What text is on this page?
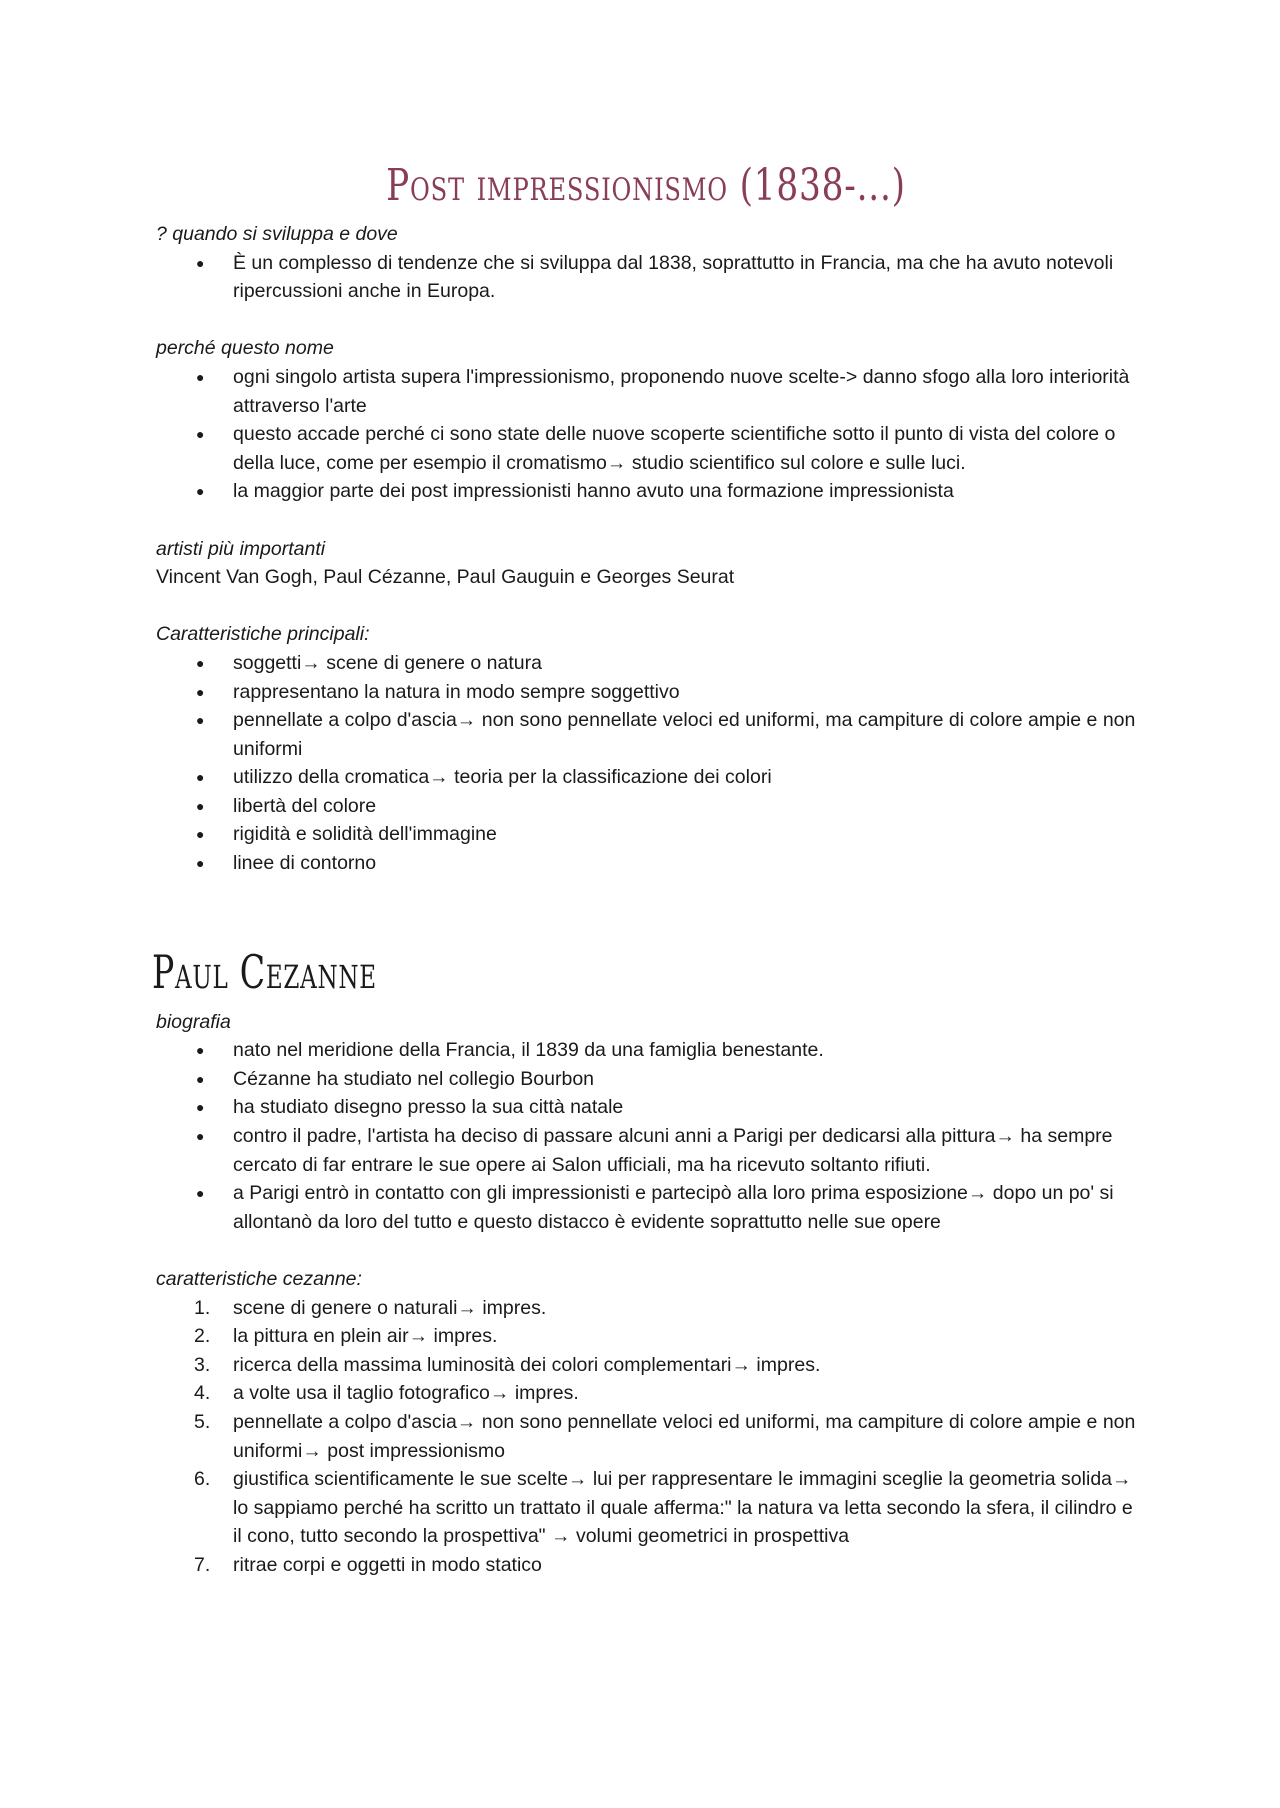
Post impressionismo (1838-...)
? quando si sviluppa e dove
● È un complesso di tendenze che si sviluppa dal 1838, soprattutto in Francia, ma che ha avuto notevoli ripercussioni anche in Europa.
perché questo nome
● ogni singolo artista supera l'impressionismo, proponendo nuove scelte-> danno sfogo alla loro interiorità attraverso l'arte
● questo accade perché ci sono state delle nuove scoperte scientifiche sotto il punto di vista del colore o della luce, come per esempio il cromatismo→ studio scientifico sul colore e sulle luci.
● la maggior parte dei post impressionisti hanno avuto una formazione impressionista
artisti più importanti
Vincent Van Gogh, Paul Cézanne, Paul Gauguin e Georges Seurat
Caratteristiche principali:
● soggetti→ scene di genere o natura
● rappresentano la natura in modo sempre soggettivo
● pennellate a colpo d'ascia→ non sono pennellate veloci ed uniformi, ma campiture di colore ampie e non uniformi
● utilizzo della cromatica→ teoria per la classificazione dei colori
● libertà del colore
● rigidità e solidità dell'immagine
● linee di contorno
Paul Cezanne
biografia
● nato nel meridione della Francia, il 1839 da una famiglia benestante.
● Cézanne ha studiato nel collegio Bourbon
● ha studiato disegno presso la sua città natale
● contro il padre, l'artista ha deciso di passare alcuni anni a Parigi per dedicarsi alla pittura→ ha sempre cercato di far entrare le sue opere ai Salon ufficiali, ma ha ricevuto soltanto rifiuti.
● a Parigi entrò in contatto con gli impressionisti e partecipò alla loro prima esposizione→ dopo un po' si allontanò da loro del tutto e questo distacco è evidente soprattutto nelle sue opere
caratteristiche cezanne:
1. scene di genere o naturali→ impres.
2. la pittura en plein air→ impres.
3. ricerca della massima luminosità dei colori complementari→ impres.
4. a volte usa il taglio fotografico→ impres.
5. pennellate a colpo d'ascia→ non sono pennellate veloci ed uniformi, ma campiture di colore ampie e non uniformi→ post impressionismo
6. giustifica scientificamente le sue scelte→ lui per rappresentare le immagini sceglie la geometria solida→ lo sappiamo perché ha scritto un trattato il quale afferma:" la natura va letta secondo la sfera, il cilindro e il cono, tutto secondo la prospettiva" → volumi geometrici in prospettiva
7. ritrae corpi e oggetti in modo statico
